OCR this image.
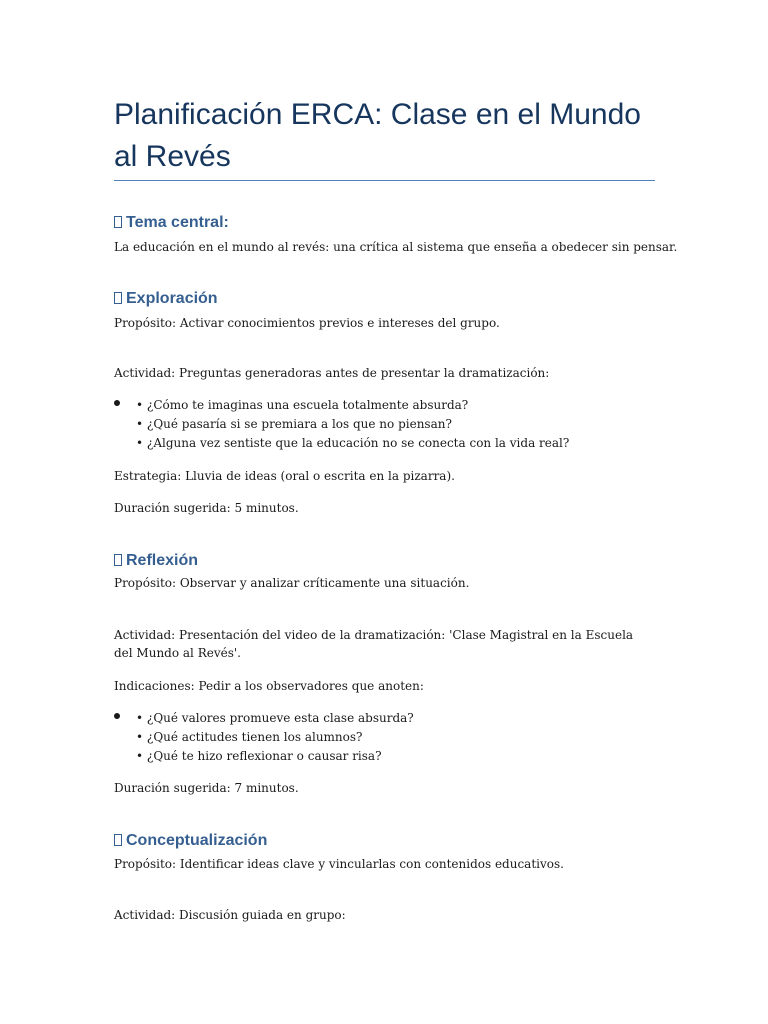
Planificación ERCA: Clase en el Mundo al Revés
Tema central:
La educación en el mundo al revés: una crítica al sistema que enseña a obedecer sin pensar.
Exploración
Propósito: Activar conocimientos previos e intereses del grupo.
Actividad: Preguntas generadoras antes de presentar la dramatización:
• ¿Cómo te imaginas una escuela totalmente absurda?
• ¿Qué pasaría si se premiara a los que no piensan?
• ¿Alguna vez sentiste que la educación no se conecta con la vida real?
Estrategia: Lluvia de ideas (oral o escrita en la pizarra).
Duración sugerida: 5 minutos.
Reflexión
Propósito: Observar y analizar críticamente una situación.
Actividad: Presentación del video de la dramatización: 'Clase Magistral en la Escuela del Mundo al Revés'.
Indicaciones: Pedir a los observadores que anoten:
• ¿Qué valores promueve esta clase absurda?
• ¿Qué actitudes tienen los alumnos?
• ¿Qué te hizo reflexionar o causar risa?
Duración sugerida: 7 minutos.
Conceptualización
Propósito: Identificar ideas clave y vincularlas con contenidos educativos.
Actividad: Discusión guiada en grupo:
